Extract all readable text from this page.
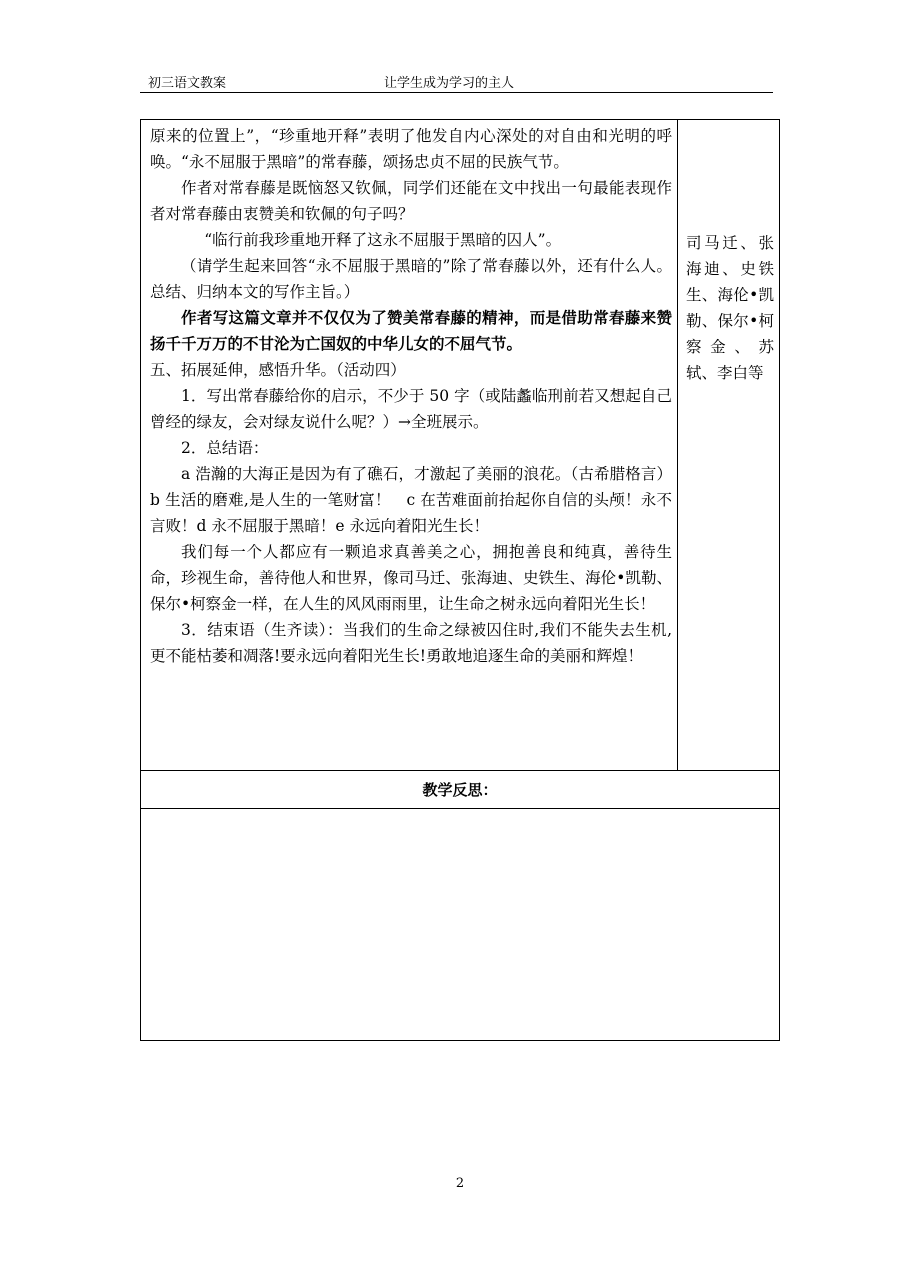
初三语文教案	让学生成为学习的主人

原来的位置上”，“珍重地开释”表明了他发自内心深处的对自由和光明的呼唤。“永不屈服于黑暗”的常春藤，颂扬忠贞不屈的民族气节。

作者对常春藤是既恼怒又钦佩，同学们还能在文中找出一句最能表现作者对常春藤由衷赞美和钦佩的句子吗？

“临行前我珍重地开释了这永不屈服于黑暗的囚人”。

（请学生起来回答“永不屈服于黑暗的”除了常春藤以外，还有什么人。总结、归纳本文的写作主旨。）

作者写这篇文章并不仅仅为了赞美常春藤的精神，而是借助常春藤来赞扬千千万万的不甘沦为亡国奴的中华儿女的不屈气节。

五、拓展延伸，感悟升华。（活动四）

1．写出常春藤给你的启示，不少于 50 字（或陆蠡临刑前若又想起自己曾经的绿友，会对绿友说什么呢？）→全班展示。

2．总结语：

a 浩瀚的大海正是因为有了礁石，才激起了美丽的浪花。（古希腊格言）b 生活的磨难,是人生的一笔财富！　c 在苦难面前抬起你自信的头颅！永不言败！d 永不屈服于黑暗！e 永远向着阳光生长！

我们每一个人都应有一颗追求真善美之心，拥抱善良和纯真，善待生命，珍视生命，善待他人和世界，像司马迁、张海迪、史铁生、海伦•凯勒、保尔•柯察金一样，在人生的风风雨雨里，让生命之树永远向着阳光生长！

3．结束语（生齐读）：当我们的生命之绿被囚住时,我们不能失去生机,更不能枯萎和凋落!要永远向着阳光生长!勇敢地追逐生命的美丽和辉煌！

司马迁、张海迪、史铁生、海伦•凯勒、保尔•柯察金、苏轼、李白等
教学反思：
2
